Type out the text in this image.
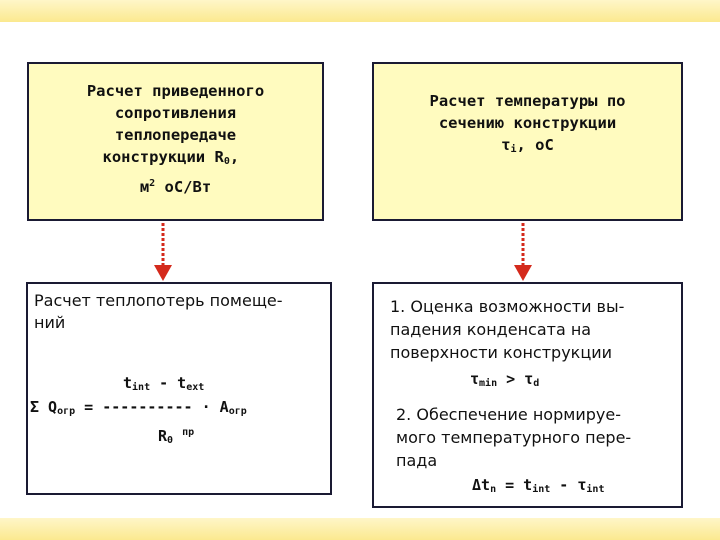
Расчет приведенного
сопротивления
теплопередаче
конструкции $R_0$,
$м^2$ oC/Вт
Расчет температуры по
сечению конструкции
$\tau_i$, oC
Расчет теплопотерь помеще-
ний
$t_{int} - t_{ext}$
Σ $Q_{огр}$ = ---------- · $A_{огр}$
$R_0$ $^{пр}$
1. Оценка возможности вы-
падения конденсата на
поверхности конструкции
$\tau_{min} > \tau_d$
2. Обеспечение нормируе-
мого температурного пере-
пада
$\Delta t_n = t_{int} - \tau_{int}$
